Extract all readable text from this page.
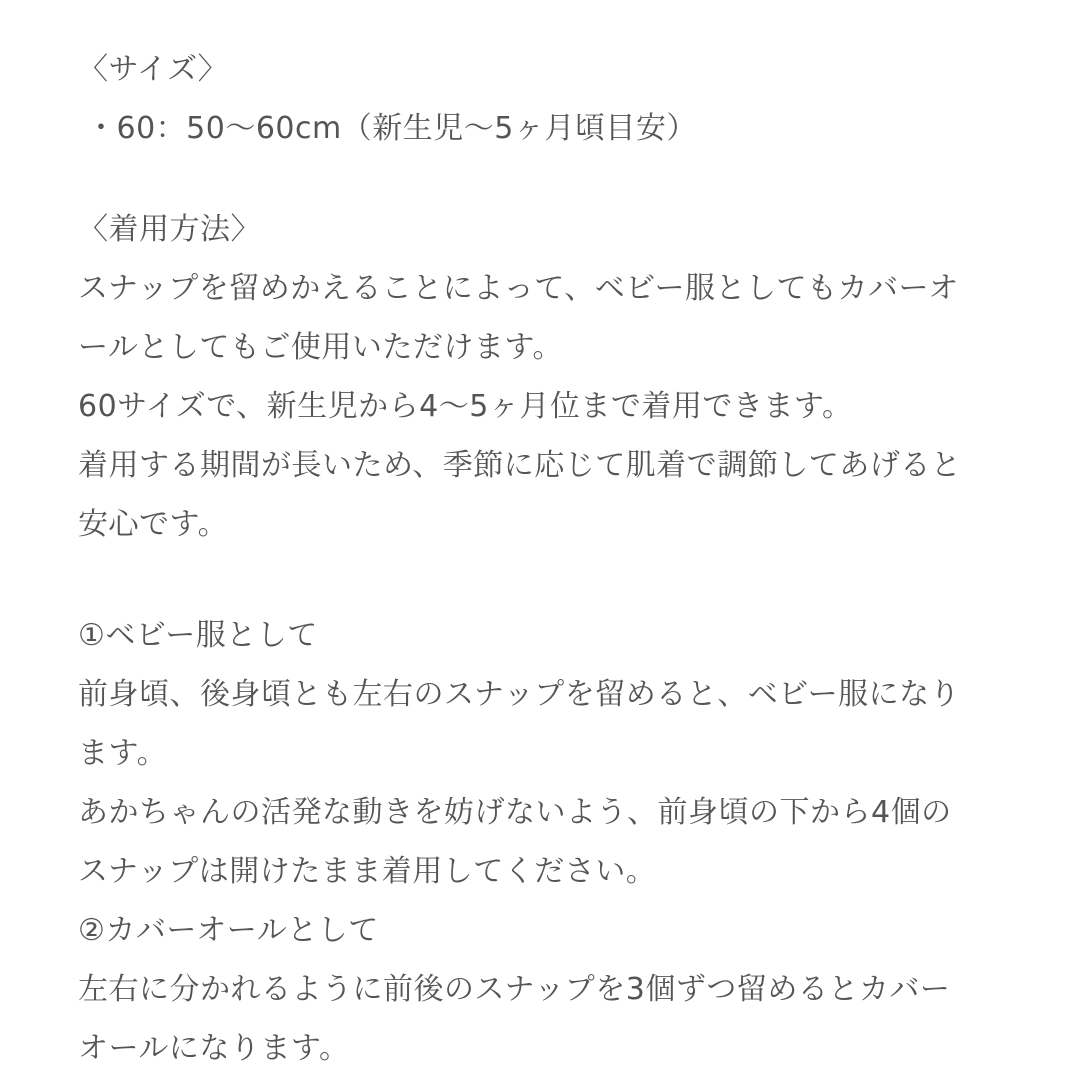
〈サイズ〉
・60：50〜60cm（新生児〜5ヶ月頃目安）
〈着用方法〉
スナップを留めかえることによって、ベビー服としてもカバーオ
ールとしてもご使用いただけます。
60サイズで、新生児から4〜5ヶ月位まで着用できます。
着用する期間が長いため、季節に応じて肌着で調節してあげると
安心です。
①ベビー服として
前身頃、後身頃とも左右のスナップを留めると、ベビー服になり
ます。
あかちゃんの活発な動きを妨げないよう、前身頃の下から4個の
スナップは開けたまま着用してください。
②カバーオールとして
左右に分かれるように前後のスナップを3個ずつ留めるとカバー
オールになります。
